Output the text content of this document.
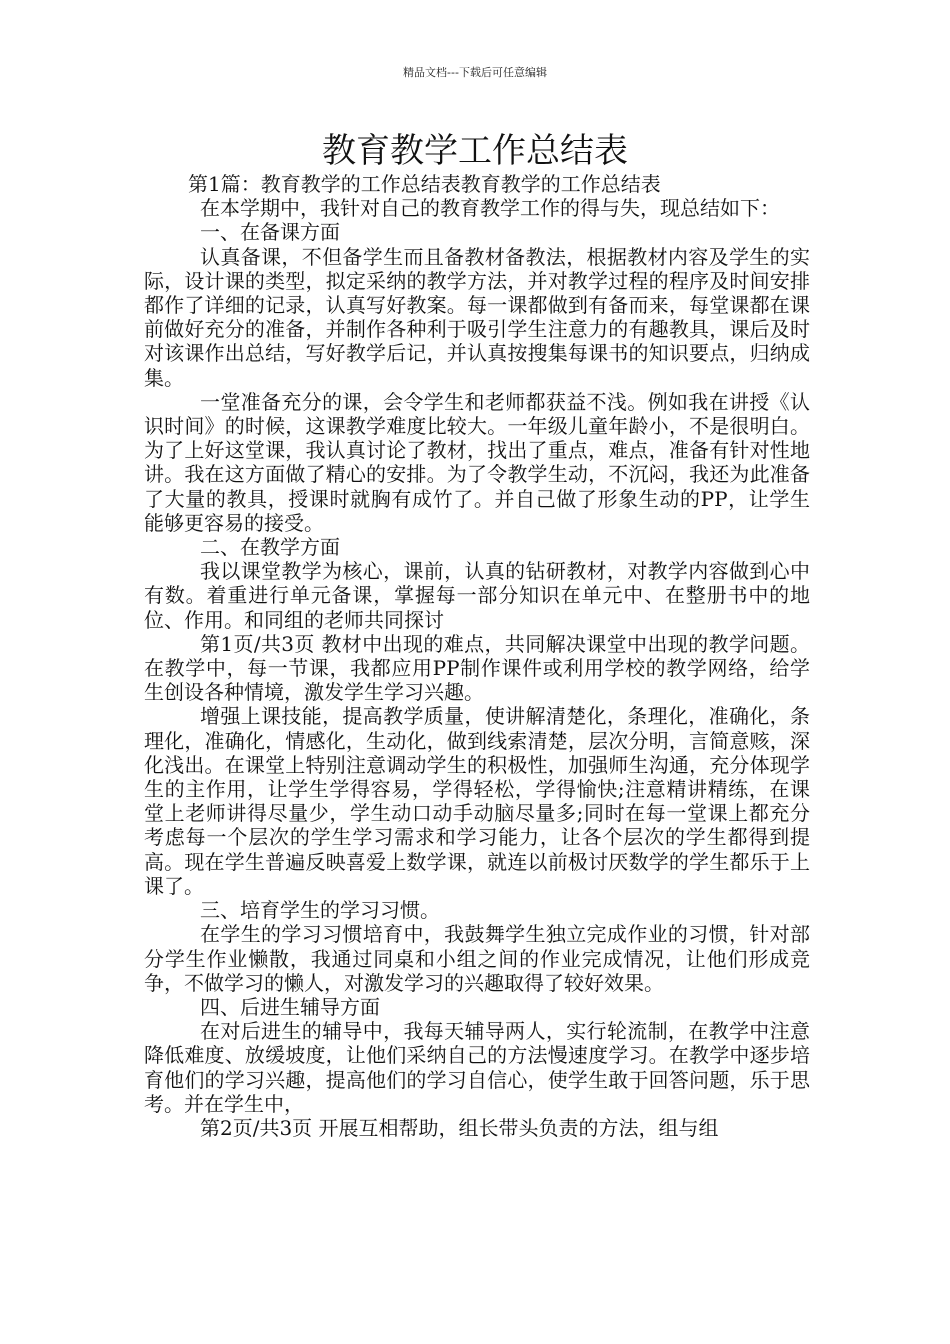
精品文档---下载后可任意编辑
教育教学工作总结表

第1篇：教育教学的工作总结表教育教学的工作总结表

在本学期中，我针对自己的教育教学工作的得与失，现总结如下：

一、在备课方面

认真备课，不但备学生而且备教材备教法，根据教材内容及学生的实际，设计课的类型，拟定采纳的教学方法，并对教学过程的程序及时间安排都作了详细的记录，认真写好教案。每一课都做到有备而来，每堂课都在课前做好充分的准备，并制作各种利于吸引学生注意力的有趣教具，课后及时对该课作出总结，写好教学后记，并认真按搜集每课书的知识要点，归纳成集。

一堂准备充分的课，会令学生和老师都获益不浅。例如我在讲授《认识时间》的时候，这课教学难度比较大。一年级儿童年龄小，不是很明白。为了上好这堂课，我认真讨论了教材，找出了重点，难点，准备有针对性地讲。我在这方面做了精心的安排。为了令教学生动，不沉闷，我还为此准备了大量的教具，授课时就胸有成竹了。并自己做了形象生动的PP，让学生能够更容易的接受。

二、在教学方面

我以课堂教学为核心，课前，认真的钻研教材，对教学内容做到心中有数。着重进行单元备课，掌握每一部分知识在单元中、在整册书中的地位、作用。和同组的老师共同探讨

第1页/共3页 教材中出现的难点，共同解决课堂中出现的教学问题。在教学中，每一节课，我都应用PP制作课件或利用学校的教学网络，给学生创设各种情境，激发学生学习兴趣。

增强上课技能，提高教学质量，使讲解清楚化，条理化，准确化，条理化，准确化，情感化，生动化，做到线索清楚，层次分明，言简意赅，深化浅出。在课堂上特别注意调动学生的积极性，加强师生沟通，充分体现学生的主作用，让学生学得容易，学得轻松，学得愉快;注意精讲精练，在课堂上老师讲得尽量少，学生动口动手动脑尽量多;同时在每一堂课上都充分考虑每一个层次的学生学习需求和学习能力，让各个层次的学生都得到提高。现在学生普遍反映喜爱上数学课，就连以前极讨厌数学的学生都乐于上课了。

三、培育学生的学习习惯。

在学生的学习习惯培育中，我鼓舞学生独立完成作业的习惯，针对部分学生作业懒散，我通过同桌和小组之间的作业完成情况，让他们形成竞争，不做学习的懒人，对激发学习的兴趣取得了较好效果。

四、后进生辅导方面

在对后进生的辅导中，我每天辅导两人，实行轮流制，在教学中注意降低难度、放缓坡度，让他们采纳自己的方法慢速度学习。在教学中逐步培育他们的学习兴趣，提高他们的学习自信心，使学生敢于回答问题，乐于思考。并在学生中，

第2页/共3页 开展互相帮助，组长带头负责的方法，组与组
